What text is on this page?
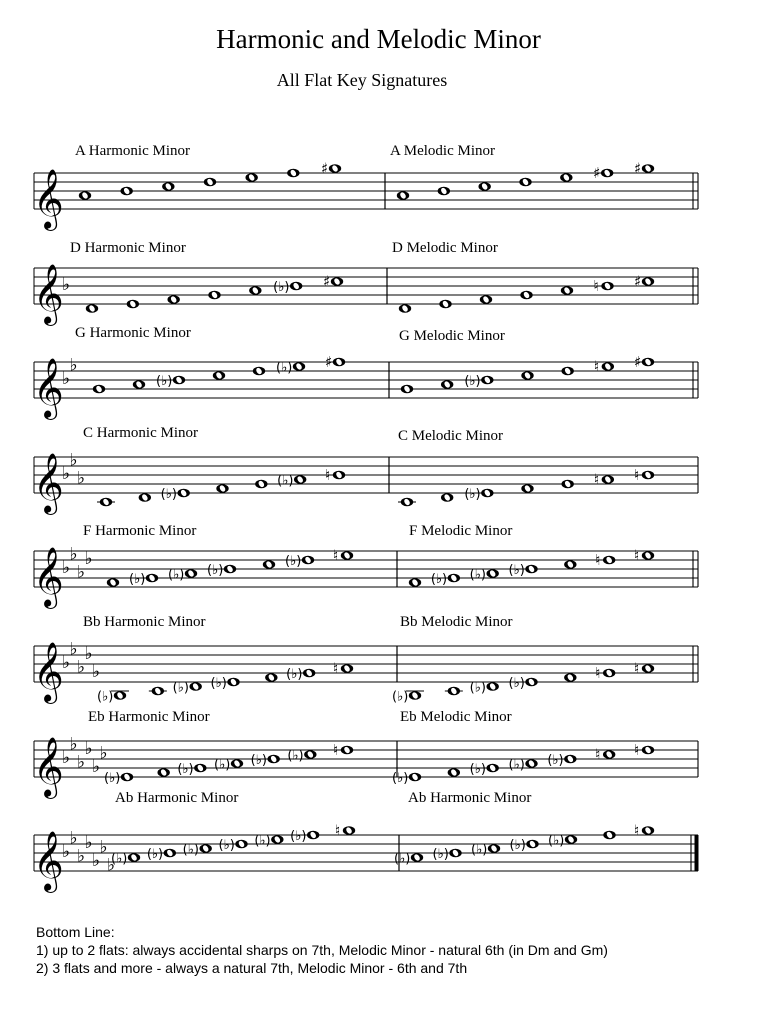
Harmonic and Melodic Minor
All Flat Key Signatures
𝄞
♯	♯ ♯
𝄞
♭	(♭) ♯	♮ ♯
𝄞
♭
♭
(♭)
(♭) ♯
(♭)
♮ ♯
𝄞
♭
♭
♭
(♭)
(♭) ♮
(♭)
♮ ♮
𝄞
♭
♭
♭
♭
(♭) (♭) (♭)
(♭) ♮
(♭) (♭) (♭)
♮ ♮
𝄞
♭
♭
♭
♭
♭
(♭)
(♭) (♭)
(♭) ♮
(♭)
(♭) (♭)
♮ ♮
𝄞
♭
♭
♭
♭
♭
♭
(♭)
(♭) (♭) (♭) (♭) ♮
(♭)
(♭) (♭) (♭) ♮ ♮
𝄞
♭
♭
♭
♭
♭
♭
♭
(♭) (♭) (♭) (♭) (♭) (♭) ♮
(♭) (♭) (♭) (♭) (♭)
♮
A Harmonic Minor	A Melodic Minor
D Harmonic Minor	D Melodic Minor
G Harmonic Minor	G Melodic Minor
C Harmonic Minor	C Melodic Minor
F Harmonic Minor	F Melodic Minor
Bb Harmonic Minor	Bb Melodic Minor
Eb Harmonic Minor	Eb Melodic Minor
Ab Harmonic Minor	Ab Harmonic Minor
Bottom Line:
1) up to 2 flats: always accidental sharps on 7th, Melodic Minor - natural 6th (in Dm and Gm)
2) 3 flats and more - always a natural 7th, Melodic Minor - 6th and 7th
